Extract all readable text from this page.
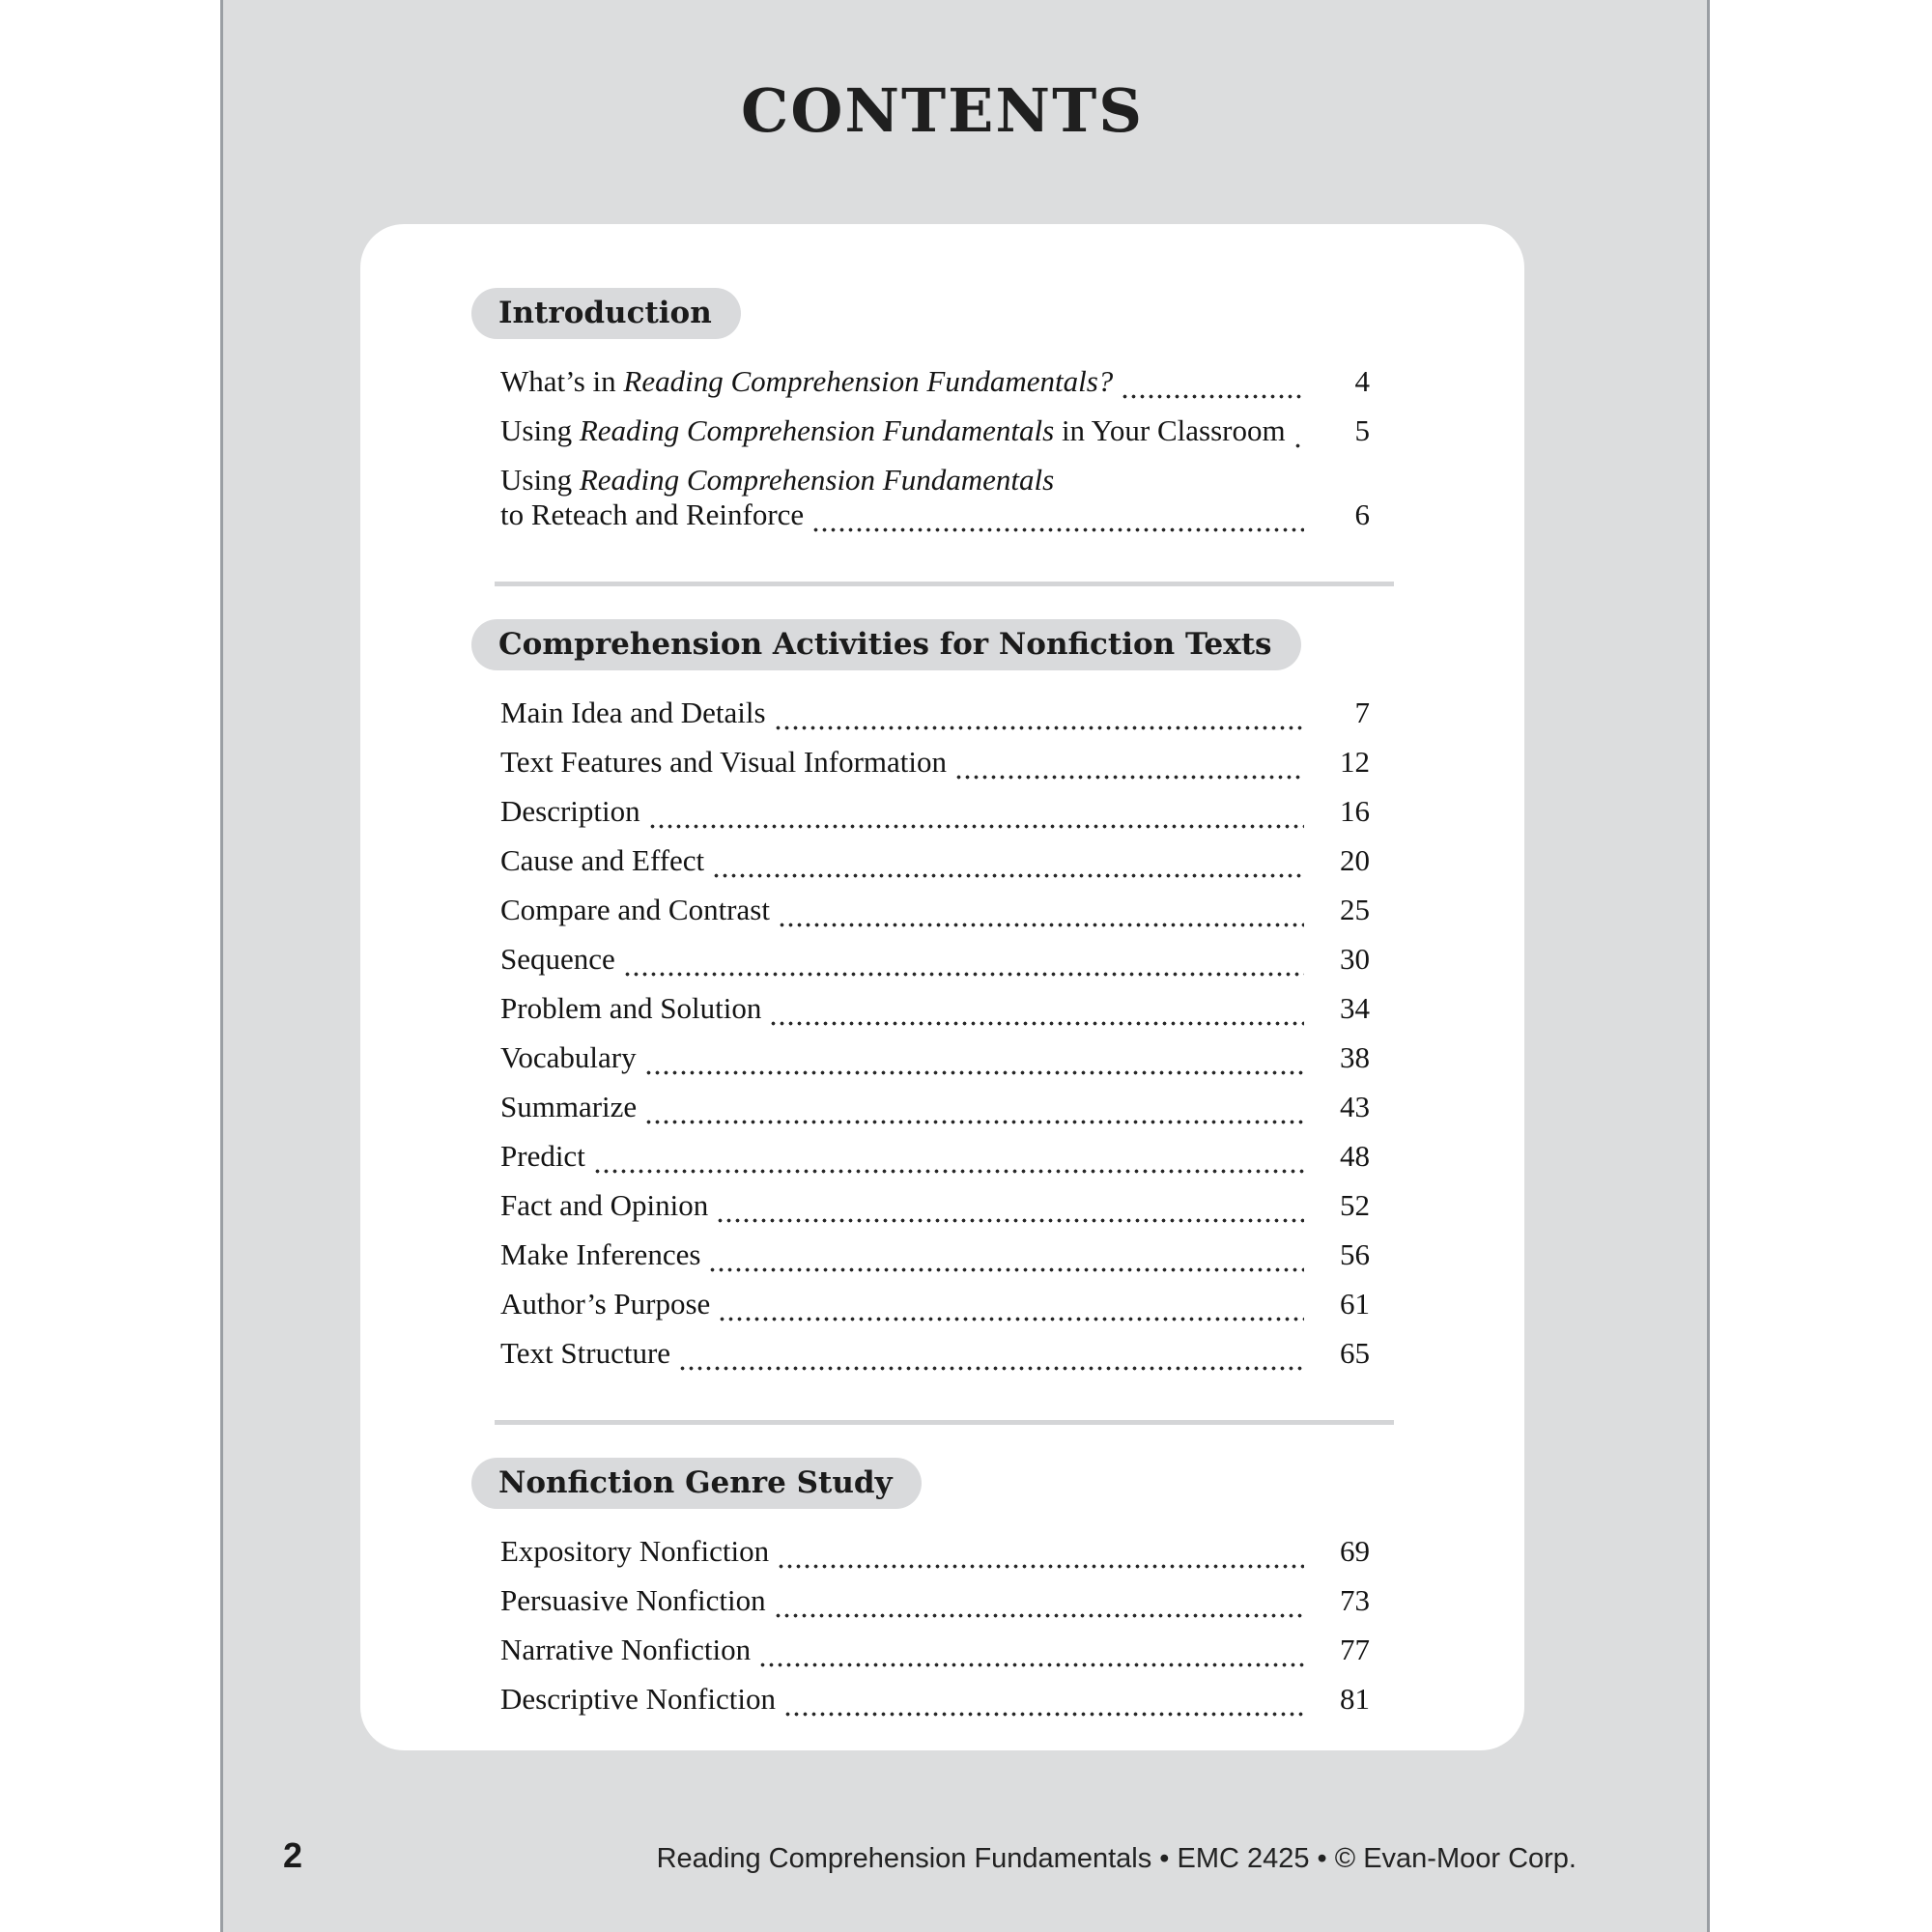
CONTENTS
Introduction
What’s in Reading Comprehension Fundamentals?	4
Using Reading Comprehension Fundamentals in Your Classroom	5
Using Reading Comprehension Fundamentals
to Reteach and Reinforce	6
Comprehension Activities for Nonfiction Texts
Main Idea and Details	7
Text Features and Visual Information	12
Description	16
Cause and Effect	20
Compare and Contrast	25
Sequence	30
Problem and Solution	34
Vocabulary	38
Summarize	43
Predict	48
Fact and Opinion	52
Make Inferences	56
Author’s Purpose	61
Text Structure	65
Nonfiction Genre Study
Expository Nonfiction	69
Persuasive Nonfiction	73
Narrative Nonfiction	77
Descriptive Nonfiction	81
2	Reading Comprehension Fundamentals • EMC 2425 • © Evan-Moor Corp.
